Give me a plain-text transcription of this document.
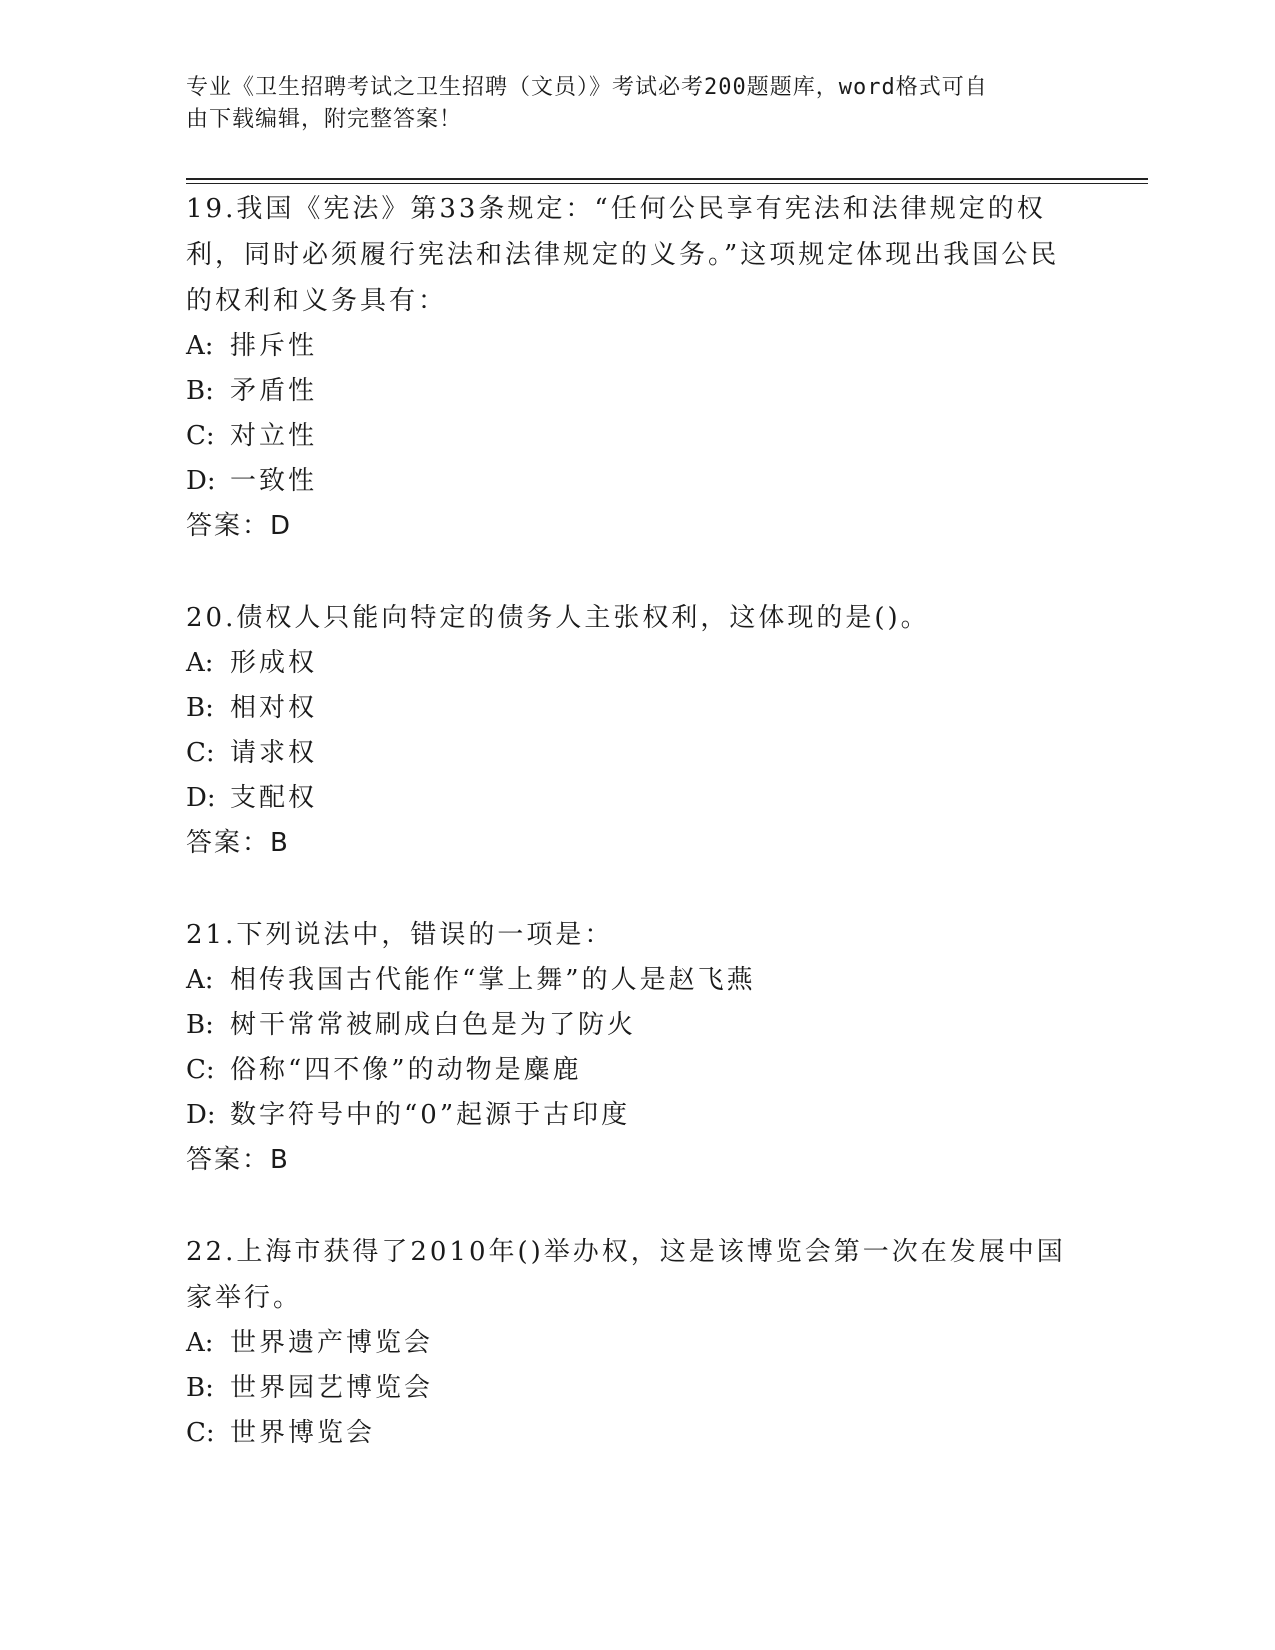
专业《卫生招聘考试之卫生招聘（文员）》考试必考200题题库，word格式可自
由下载编辑，附完整答案！

19.我国《宪法》第33条规定：“任何公民享有宪法和法律规定的权利，同时必须履行宪法和法律规定的义务。”这项规定体现出我国公民的权利和义务具有：

A: 排斥性
B: 矛盾性
C: 对立性
D: 一致性
答案：D

20.债权人只能向特定的债务人主张权利，这体现的是()。

A: 形成权
B: 相对权
C: 请求权
D: 支配权
答案：B

21.下列说法中，错误的一项是：

A: 相传我国古代能作“掌上舞”的人是赵飞燕
B: 树干常常被刷成白色是为了防火
C: 俗称“四不像”的动物是麋鹿
D: 数字符号中的“0”起源于古印度
答案：B

22.上海市获得了2010年()举办权，这是该博览会第一次在发展中国家举行。

A: 世界遗产博览会
B: 世界园艺博览会
C: 世界博览会
